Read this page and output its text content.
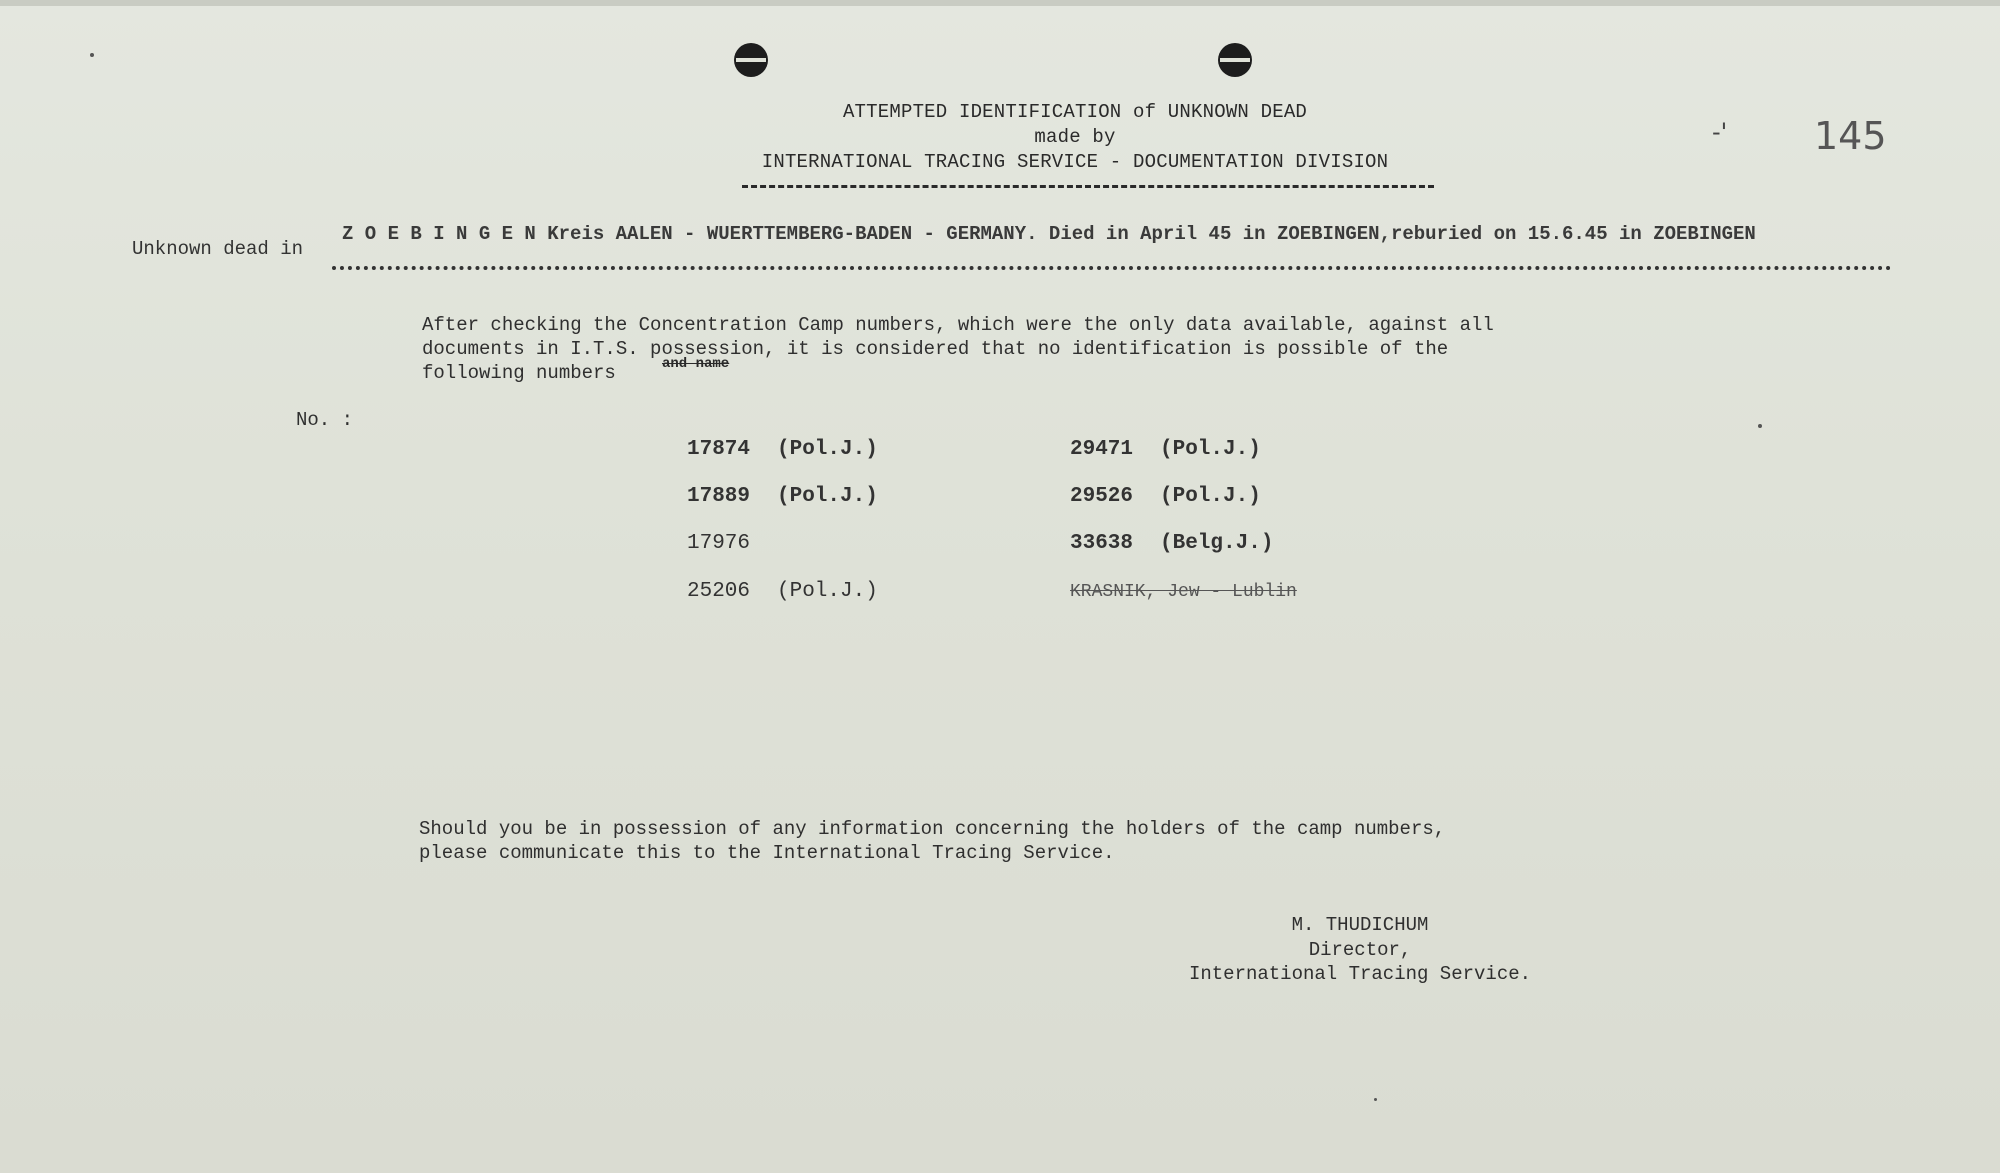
ATTEMPTED IDENTIFICATION of UNKNOWN DEAD
made by
INTERNATIONAL TRACING SERVICE - DOCUMENTATION DIVISION
-' 145
Unknown dead in
Z O E B I N G E N Kreis AALEN - WUERTTEMBERG-BADEN - GERMANY. Died in April 45 in ZOEBINGEN,reburied on 15.6.45 in ZOEBINGEN
After checking the Concentration Camp numbers, which were the only data available, against all
documents in I.T.S. possession, it is considered that no identification is possible of the
following numbers	and name
No. :
17874 (Pol.J.)
17889 (Pol.J.)
17976
25206 (Pol.J.)
29471 (Pol.J.)
29526 (Pol.J.)
33638 (Belg.J.)
KRASNIK, Jew - Lublin
Should you be in possession of any information concerning the holders of the camp numbers,
please communicate this to the International Tracing Service.
M. THUDICHUM
Director,
International Tracing Service.
